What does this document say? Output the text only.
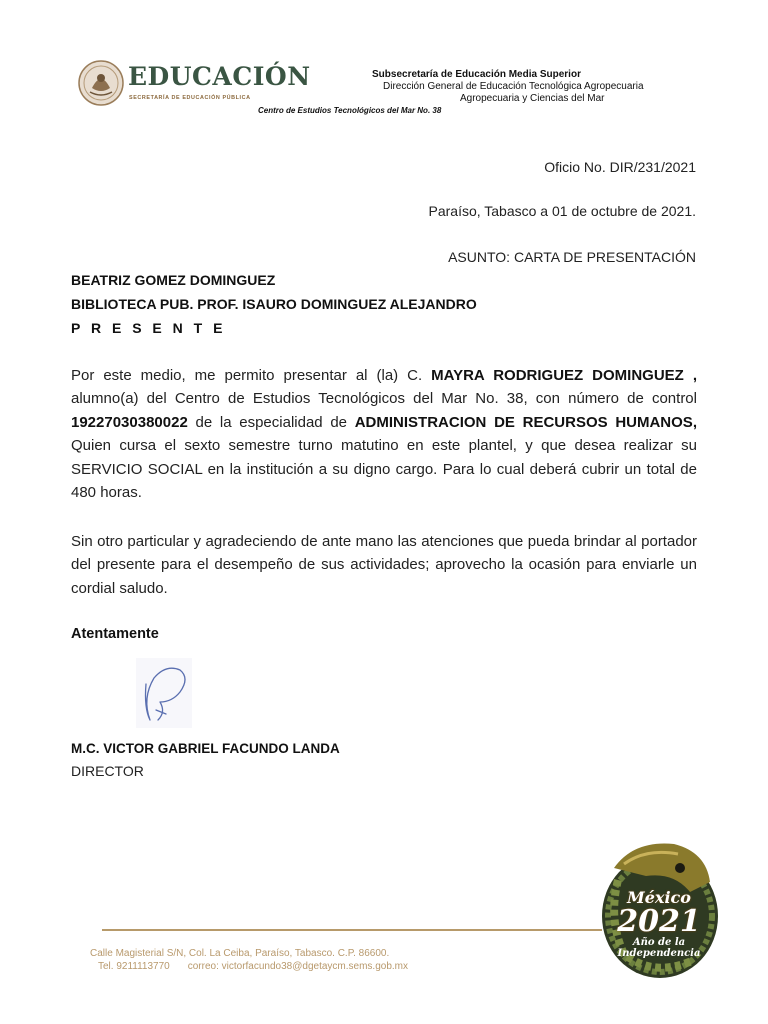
EDUCACIÓN
SECRETARÍA DE EDUCACIÓN PÚBLICA
Subsecretaría de Educación Media Superior
Dirección General de Educación Tecnológica Agropecuaria
Agropecuaria y Ciencias del Mar
Centro de Estudios Tecnológicos del Mar No. 38
Oficio No. DIR/231/2021
Paraíso, Tabasco a 01 de octubre de 2021.
ASUNTO: CARTA DE PRESENTACIÓN
BEATRIZ GOMEZ DOMINGUEZ
BIBLIOTECA PUB. PROF. ISAURO DOMINGUEZ ALEJANDRO
P R E S E N T E
Por este medio, me permito presentar al (la) C. MAYRA RODRIGUEZ DOMINGUEZ , alumno(a) del Centro de Estudios Tecnológicos del Mar No. 38, con número de control 19227030380022 de la especialidad de ADMINISTRACION DE RECURSOS HUMANOS, Quien cursa el sexto semestre turno matutino en este plantel, y que desea realizar su SERVICIO SOCIAL en la institución a su digno cargo. Para lo cual deberá cubrir un total de 480 horas.
Sin otro particular y agradeciendo de ante mano las atenciones que pueda brindar al portador del presente para el desempeño de sus actividades; aprovecho la ocasión para enviarle un cordial saludo.
Atentamente
M.C. VICTOR GABRIEL FACUNDO LANDA
DIRECTOR
Calle Magisterial S/N, Col. La Ceiba, Paraíso, Tabasco. C.P. 86600.
Tel. 9211113770 correo: victorfacundo38@dgetaycm.sems.gob.mx
México
2021
Año de la Independencia
